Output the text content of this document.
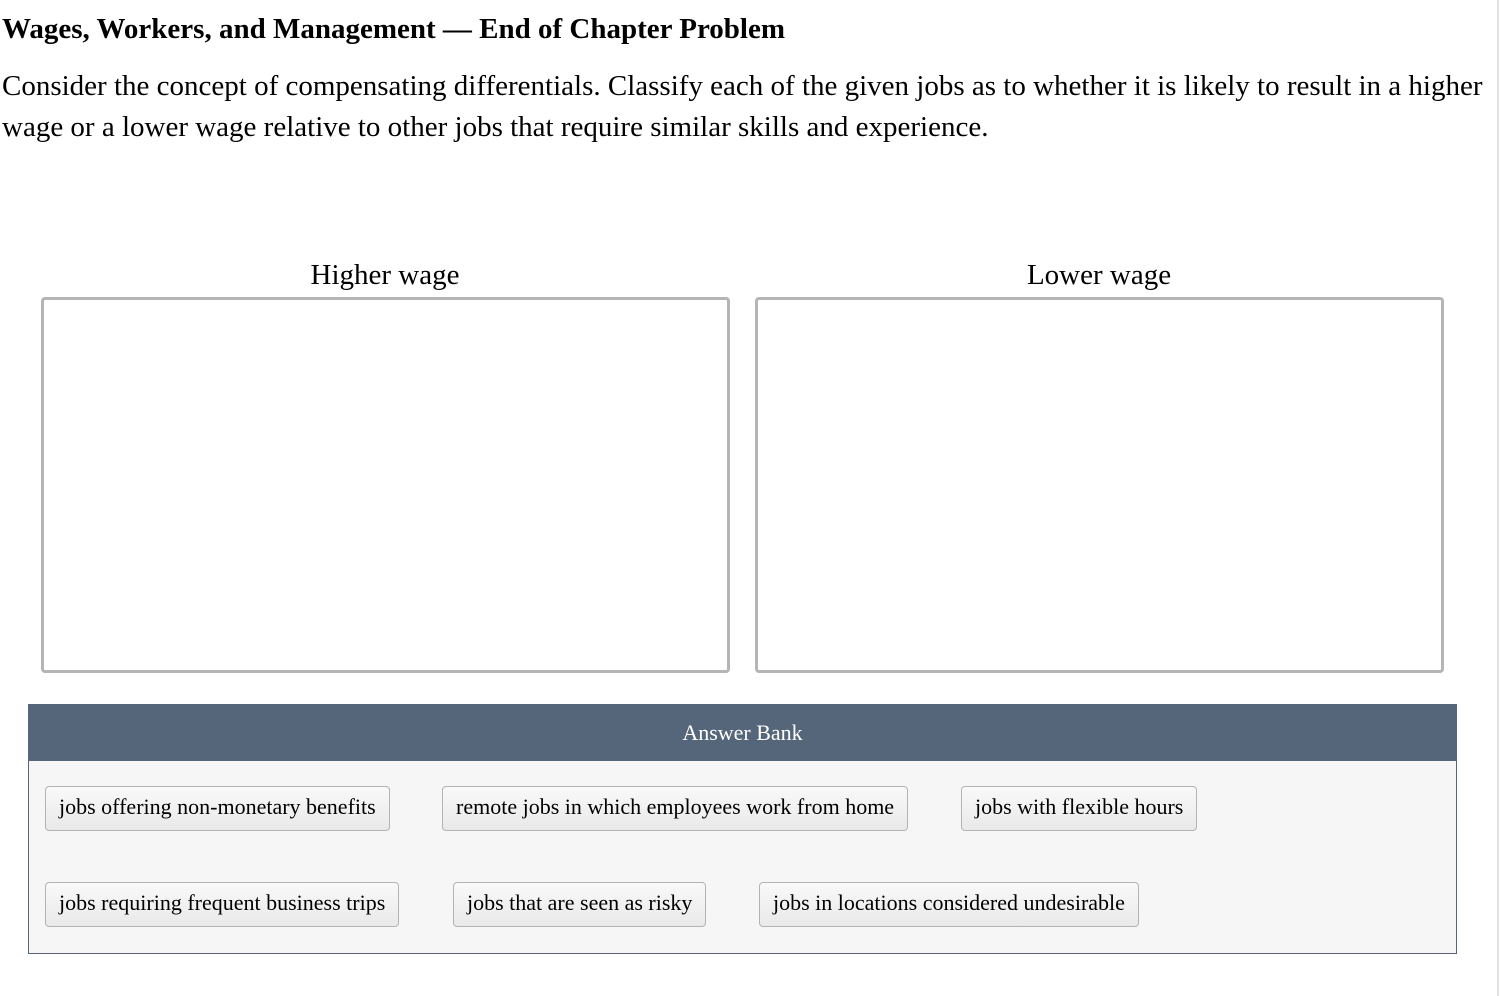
Wages, Workers, and Management — End of Chapter Problem

Consider the concept of compensating differentials. Classify each of the given jobs as to whether it is likely to result in a higher wage or a lower wage relative to other jobs that require similar skills and experience.

Higher wage	Lower wage
Answer Bank
jobs offering non-monetary benefits	remote jobs in which employees work from home	jobs with flexible hours
jobs requiring frequent business trips	jobs that are seen as risky	jobs in locations considered undesirable
